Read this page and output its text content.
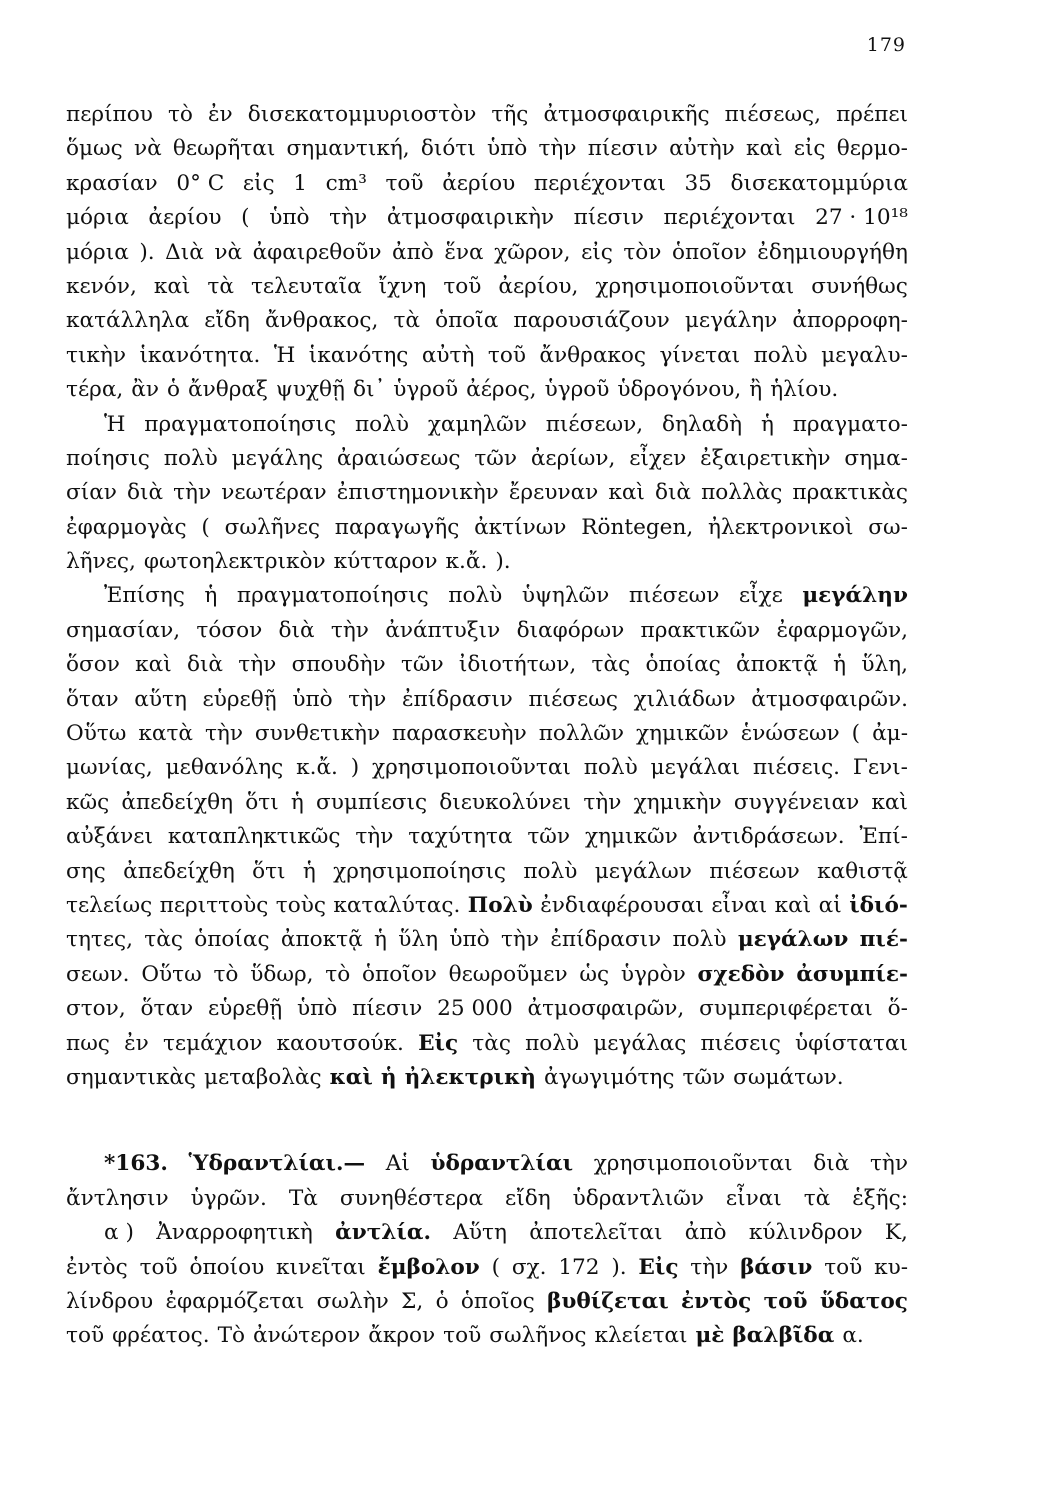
179
περίπου τὸ ἐν δισεκατομμυριοστὸν τῆς ἀτμοσφαιρικῆς πιέσεως, πρέπει
ὅμως νὰ θεωρῆται σημαντική, διότι ὑπὸ τὴν πίεσιν αὐτὴν καὶ εἰς θερμο-
κρασίαν 0° C εἰς 1 cm³ τοῦ ἀερίου περιέχονται 35 δισεκατομμύρια
μόρια ἀερίου ( ὑπὸ τὴν ἀτμοσφαιρικὴν πίεσιν περιέχονται 27 · 10¹⁸
μόρια ). Διὰ νὰ ἀφαιρεθοῦν ἀπὸ ἕνα χῶρον, εἰς τὸν ὁποῖον ἐδημιουργήθη
κενόν, καὶ τὰ τελευταῖα ἴχνη τοῦ ἀερίου, χρησιμοποιοῦνται συνήθως
κατάλληλα εἴδη ἄνθρακος, τὰ ὁποῖα παρουσιάζουν μεγάλην ἀπορροφη-
τικὴν ἱκανότητα. Ἡ ἱκανότης αὐτὴ τοῦ ἄνθρακος γίνεται πολὺ μεγαλυ-
τέρα, ἂν ὁ ἄνθραξ ψυχθῇ δι᾽ ὑγροῦ ἀέρος, ὑγροῦ ὑδρογόνου, ἢ ἡλίου.
Ἡ πραγματοποίησις πολὺ χαμηλῶν πιέσεων, δηλαδὴ ἡ πραγματο-
ποίησις πολὺ μεγάλης ἀραιώσεως τῶν ἀερίων, εἶχεν ἐξαιρετικὴν σημα-
σίαν διὰ τὴν νεωτέραν ἐπιστημονικὴν ἔρευναν καὶ διὰ πολλὰς πρακτικὰς
ἐφαρμογὰς ( σωλῆνες παραγωγῆς ἀκτίνων Röntegen, ἠλεκτρονικοὶ σω-
λῆνες, φωτοηλεκτρικὸν κύτταρον κ.ἄ. ).
Ἐπίσης ἡ πραγματοποίησις πολὺ ὑψηλῶν πιέσεων εἶχε μεγάλην
σημασίαν, τόσον διὰ τὴν ἀνάπτυξιν διαφόρων πρακτικῶν ἐφαρμογῶν,
ὅσον καὶ διὰ τὴν σπουδὴν τῶν ἰδιοτήτων, τὰς ὁποίας ἀποκτᾷ ἡ ὕλη,
ὅταν αὕτη εὑρεθῇ ὑπὸ τὴν ἐπίδρασιν πιέσεως χιλιάδων ἀτμοσφαιρῶν.
Οὕτω κατὰ τὴν συνθετικὴν παρασκευὴν πολλῶν χημικῶν ἑνώσεων ( ἀμ-
μωνίας, μεθανόλης κ.ἄ. ) χρησιμοποιοῦνται πολὺ μεγάλαι πιέσεις. Γενι-
κῶς ἀπεδείχθη ὅτι ἡ συμπίεσις διευκολύνει τὴν χημικὴν συγγένειαν καὶ
αὐξάνει καταπληκτικῶς τὴν ταχύτητα τῶν χημικῶν ἀντιδράσεων. Ἐπί-
σης ἀπεδείχθη ὅτι ἡ χρησιμοποίησις πολὺ μεγάλων πιέσεων καθιστᾷ
τελείως περιττοὺς τοὺς καταλύτας. Πολὺ ἐνδιαφέρουσαι εἶναι καὶ αἱ ἰδιό-
τητες, τὰς ὁποίας ἀποκτᾷ ἡ ὕλη ὑπὸ τὴν ἐπίδρασιν πολὺ μεγάλων πιέ-
σεων. Οὕτω τὸ ὕδωρ, τὸ ὁποῖον θεωροῦμεν ὡς ὑγρὸν σχεδὸν ἀσυμπίε-
στον, ὅταν εὑρεθῇ ὑπὸ πίεσιν 25 000 ἀτμοσφαιρῶν, συμπεριφέρεται ὅ-
πως ἐν τεμάχιον καουτσούκ. Εἰς τὰς πολὺ μεγάλας πιέσεις ὑφίσταται
σημαντικὰς μεταβολὰς καὶ ἡ ἠλεκτρικὴ ἀγωγιμότης τῶν σωμάτων.
*163. Ὑδραντλίαι.— Αἱ ὑδραντλίαι χρησιμοποιοῦνται διὰ τὴν
ἄντλησιν ὑγρῶν. Τὰ συνηθέστερα εἴδη ὑδραντλιῶν εἶναι τὰ ἑξῆς:
α ) Ἀναρροφητικὴ ἀντλία. Αὕτη ἀποτελεῖται ἀπὸ κύλινδρον Κ,
ἐντὸς τοῦ ὁποίου κινεῖται ἔμβολον ( σχ. 172 ). Εἰς τὴν βάσιν τοῦ κυ-
λίνδρου ἐφαρμόζεται σωλὴν Σ, ὁ ὁποῖος βυθίζεται ἐντὸς τοῦ ὕδατος
τοῦ φρέατος. Τὸ ἀνώτερον ἄκρον τοῦ σωλῆνος κλείεται μὲ βαλβῖδα α.
